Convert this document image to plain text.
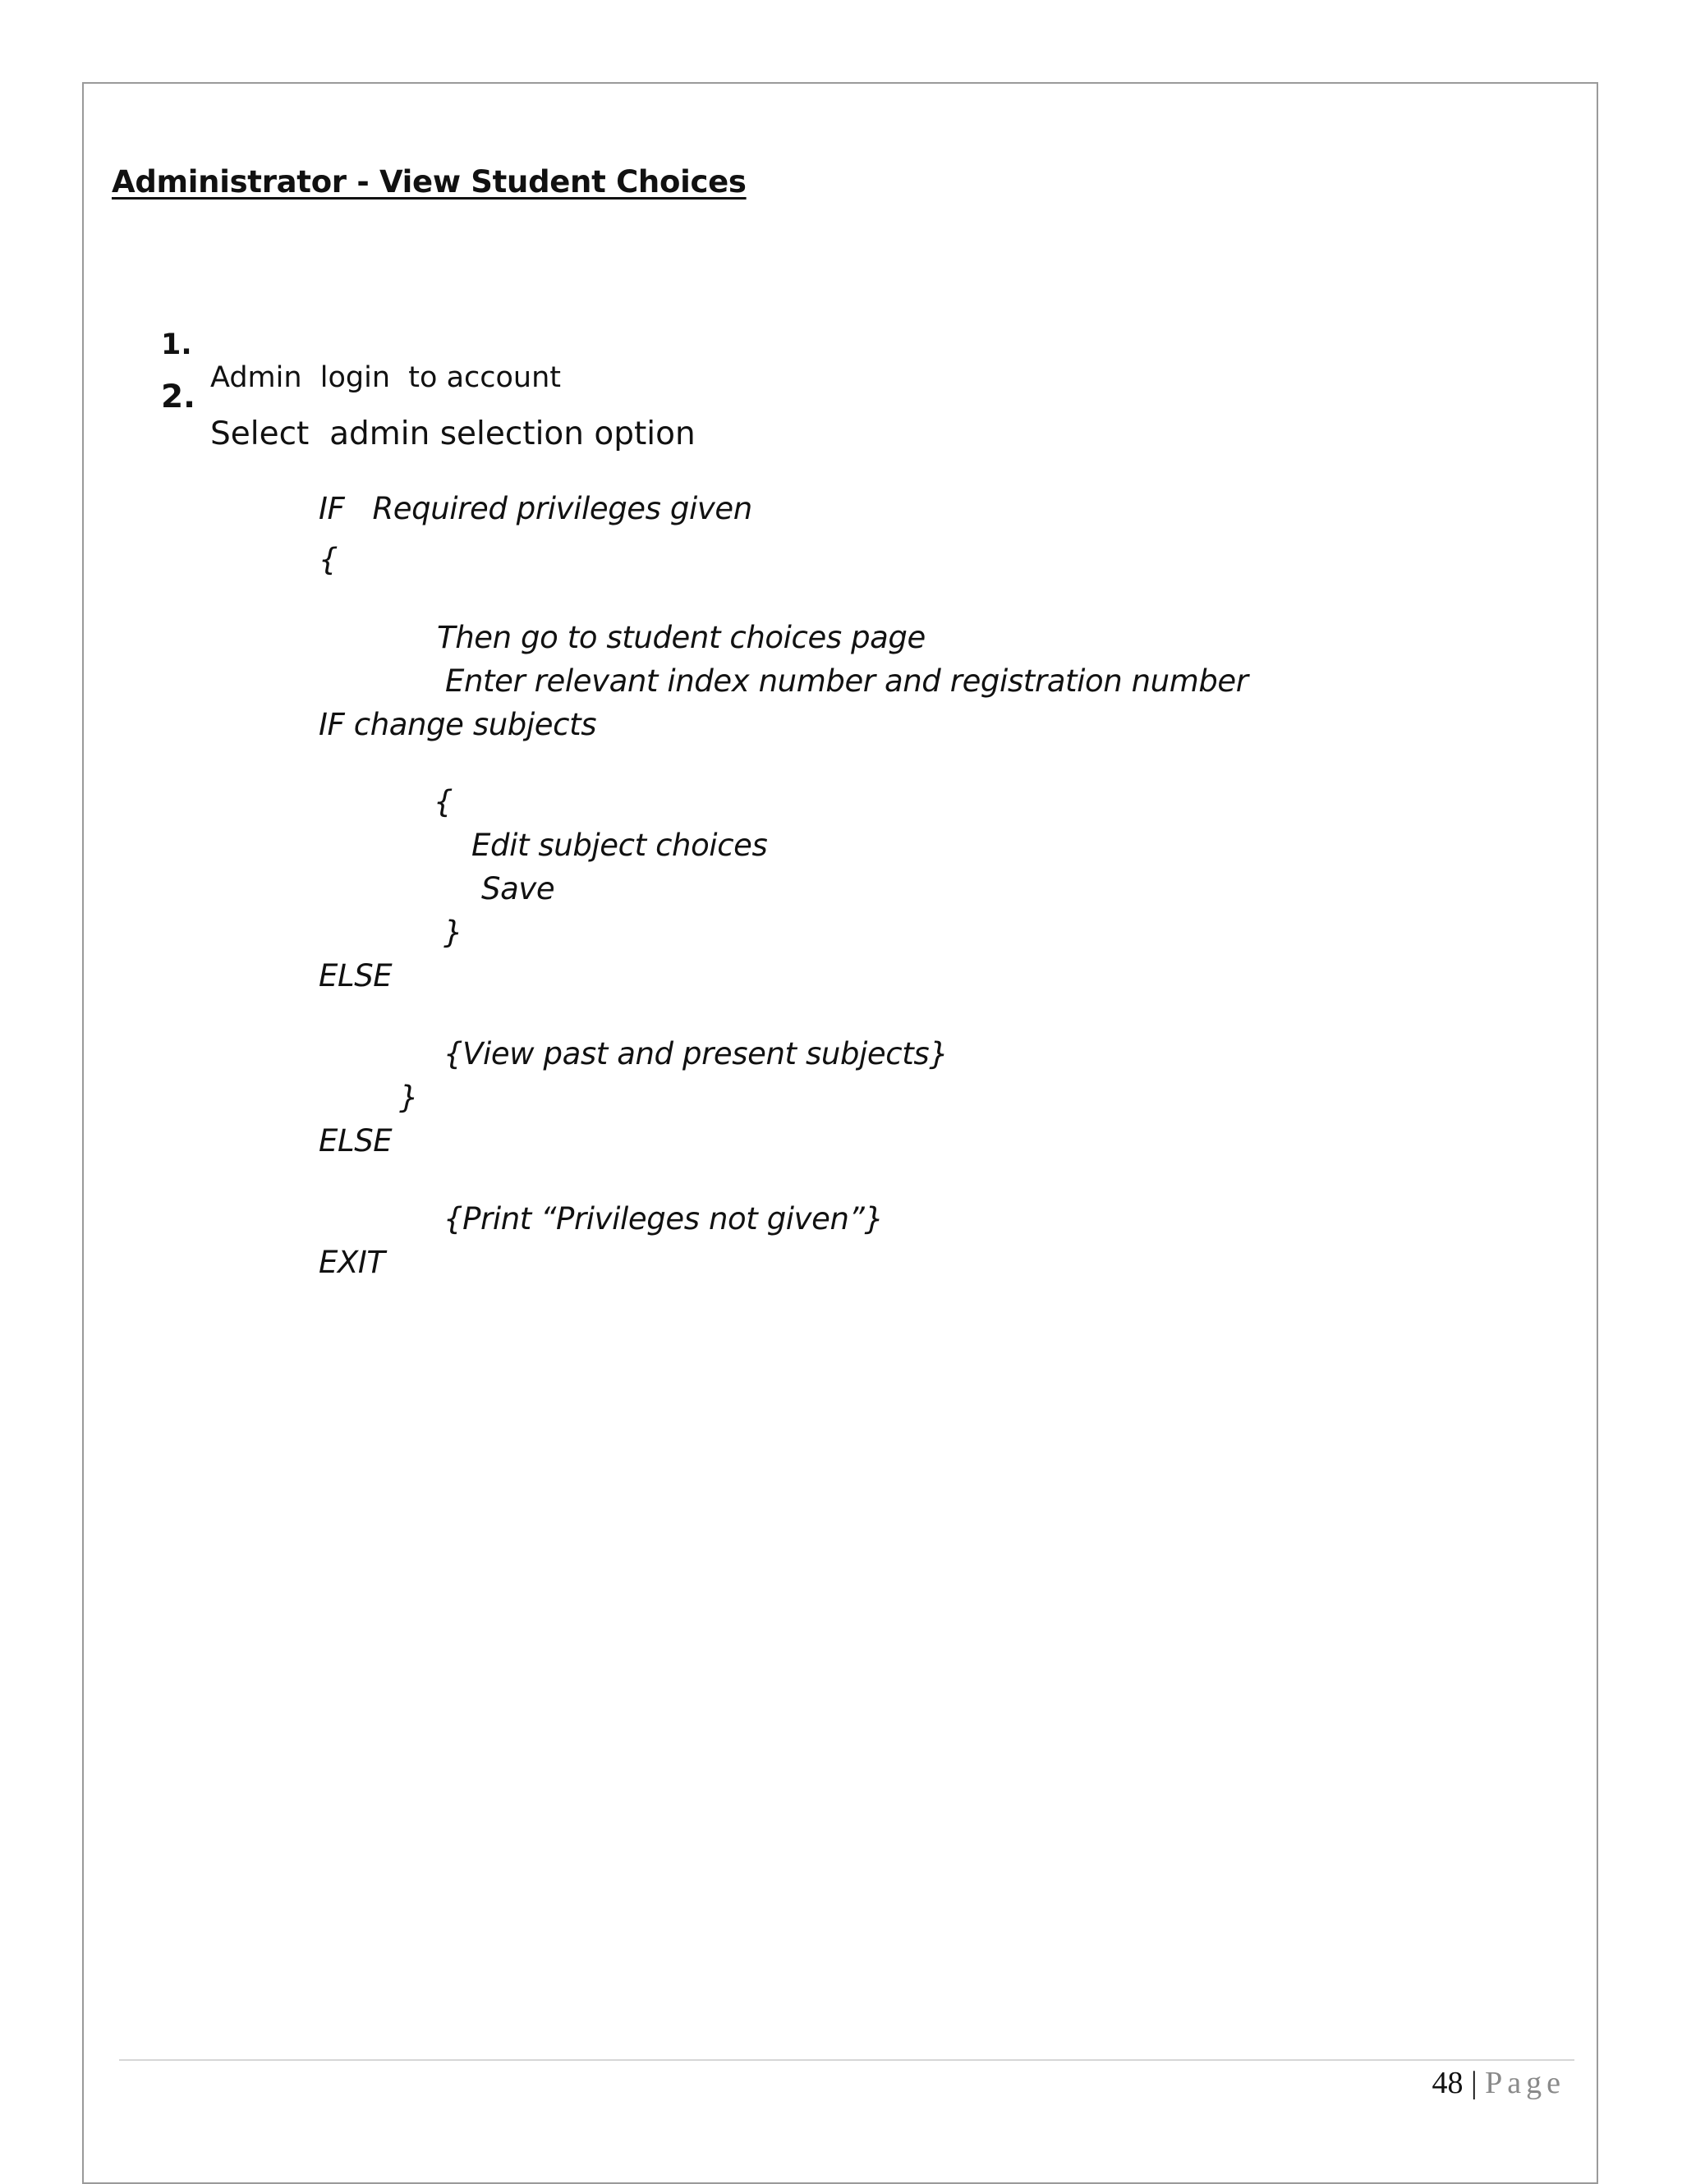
Administrator - View Student Choices

1.

Admin  login  to account

2.

Select  admin selection option

IF   Required privileges given
{
Then go to student choices page
Enter relevant index number and registration number
IF change subjects
{
Edit subject choices
Save
}
ELSE
{View past and present subjects}
}
ELSE
{Print “Privileges not given”}
EXIT
48 | Page
